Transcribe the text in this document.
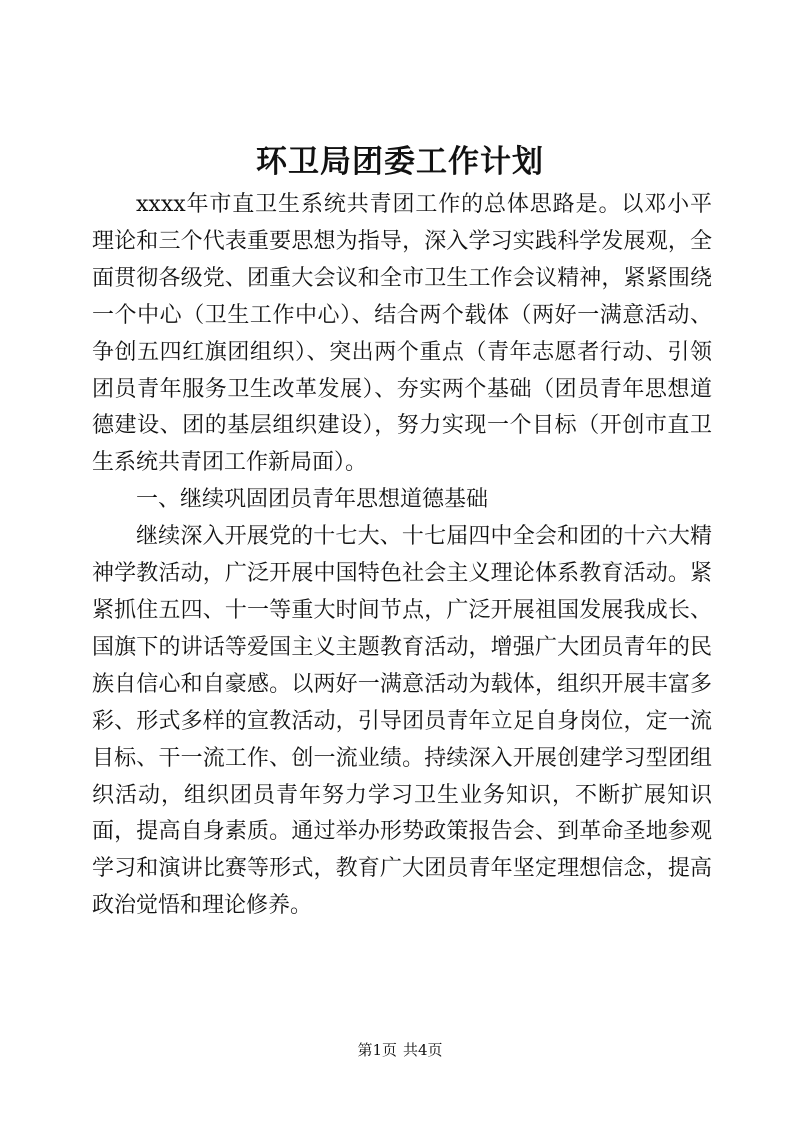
环卫局团委工作计划

xxxx年市直卫生系统共青团工作的总体思路是。以邓小平理论和三个代表重要思想为指导，深入学习实践科学发展观，全面贯彻各级党、团重大会议和全市卫生工作会议精神，紧紧围绕一个中心（卫生工作中心）、结合两个载体（两好一满意活动、争创五四红旗团组织）、突出两个重点（青年志愿者行动、引领团员青年服务卫生改革发展）、夯实两个基础（团员青年思想道德建设、团的基层组织建设），努力实现一个目标（开创市直卫生系统共青团工作新局面）。

一、继续巩固团员青年思想道德基础

继续深入开展党的十七大、十七届四中全会和团的十六大精神学教活动，广泛开展中国特色社会主义理论体系教育活动。紧紧抓住五四、十一等重大时间节点，广泛开展祖国发展我成长、国旗下的讲话等爱国主义主题教育活动，增强广大团员青年的民族自信心和自豪感。以两好一满意活动为载体，组织开展丰富多彩、形式多样的宣教活动，引导团员青年立足自身岗位，定一流目标、干一流工作、创一流业绩。持续深入开展创建学习型团组织活动，组织团员青年努力学习卫生业务知识，不断扩展知识面，提高自身素质。通过举办形势政策报告会、到革命圣地参观学习和演讲比赛等形式，教育广大团员青年坚定理想信念，提高政治觉悟和理论修养。

第1页 共4页
